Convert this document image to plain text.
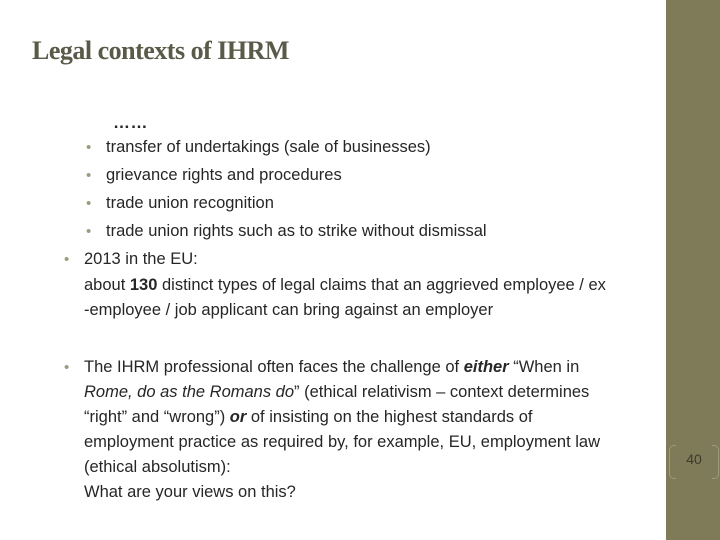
Legal contexts of IHRM
……
• transfer of undertakings (sale of businesses)
• grievance rights and procedures
• trade union recognition
• trade union rights such as to strike without dismissal
• 2013 in the EU:
about 130 distinct types of legal claims that an aggrieved employee / ex
-employee / job applicant can bring against an employer
• The IHRM professional often faces the challenge of either “When in
Rome, do as the Romans do” (ethical relativism – context determines
“right” and “wrong”) or of insisting on the highest standards of
employment practice as required by, for example, EU, employment law
(ethical absolutism):
What are your views on this?
40
